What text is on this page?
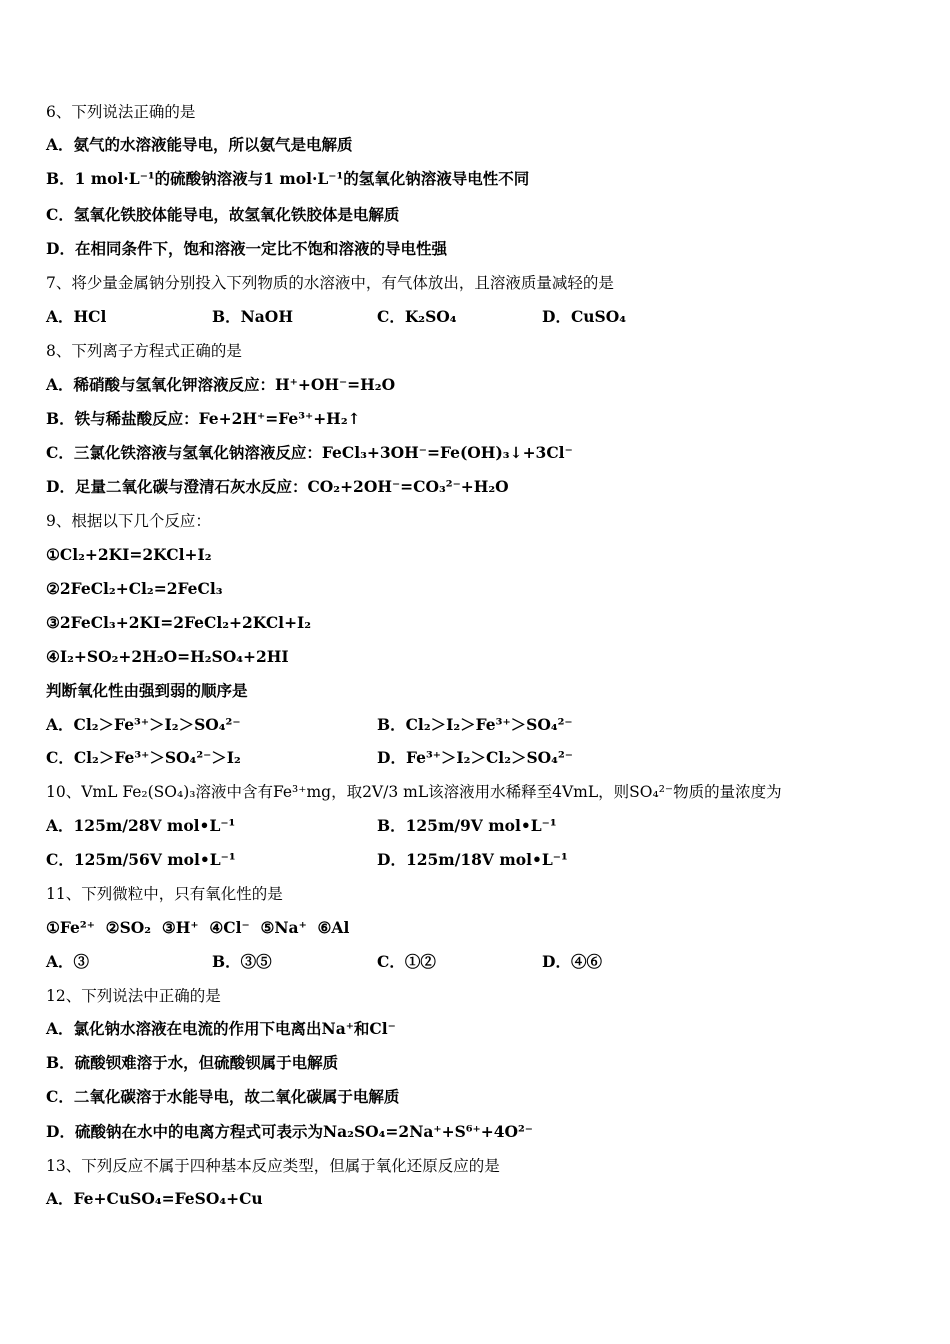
6、下列说法正确的是
A．氨气的水溶液能导电，所以氨气是电解质
B．1 mol·L⁻¹的硫酸钠溶液与1 mol·L⁻¹的氢氧化钠溶液导电性不同
C．氢氧化铁胶体能导电，故氢氧化铁胶体是电解质
D．在相同条件下，饱和溶液一定比不饱和溶液的导电性强
7、将少量金属钠分别投入下列物质的水溶液中，有气体放出，且溶液质量减轻的是
A．HCl	B．NaOH	C．K₂SO₄	D．CuSO₄
8、下列离子方程式正确的是
A．稀硝酸与氢氧化钾溶液反应：H⁺+OH⁻=H₂O
B．铁与稀盐酸反应：Fe+2H⁺=Fe³⁺+H₂↑
C．三氯化铁溶液与氢氧化钠溶液反应：FeCl₃+3OH⁻=Fe(OH)₃↓+3Cl⁻
D．足量二氧化碳与澄清石灰水反应：CO₂+2OH⁻=CO₃²⁻+H₂O
9、根据以下几个反应：
①Cl₂+2KI=2KCl+I₂
②2FeCl₂+Cl₂=2FeCl₃
③2FeCl₃+2KI=2FeCl₂+2KCl+I₂
④I₂+SO₂+2H₂O=H₂SO₄+2HI
判断氧化性由强到弱的顺序是
A．Cl₂＞Fe³⁺＞I₂＞SO₄²⁻	B．Cl₂＞I₂＞Fe³⁺＞SO₄²⁻
C．Cl₂＞Fe³⁺＞SO₄²⁻＞I₂	D．Fe³⁺＞I₂＞Cl₂＞SO₄²⁻
10、VmL Fe₂(SO₄)₃溶液中含有Fe³⁺mg，取2V/3 mL该溶液用水稀释至4VmL，则SO₄²⁻物质的量浓度为
A．125m/28V mol•L⁻¹	B．125m/9V mol•L⁻¹
C．125m/56V mol•L⁻¹	D．125m/18V mol•L⁻¹
11、下列微粒中，只有氧化性的是
①Fe²⁺  ②SO₂  ③H⁺  ④Cl⁻  ⑤Na⁺  ⑥Al
A．③	B．③⑤	C．①②	D．④⑥
12、下列说法中正确的是
A．氯化钠水溶液在电流的作用下电离出Na⁺和Cl⁻
B．硫酸钡难溶于水，但硫酸钡属于电解质
C．二氧化碳溶于水能导电，故二氧化碳属于电解质
D．硫酸钠在水中的电离方程式可表示为Na₂SO₄=2Na⁺+S⁶⁺+4O²⁻
13、下列反应不属于四种基本反应类型，但属于氧化还原反应的是
A．Fe+CuSO₄=FeSO₄+Cu
